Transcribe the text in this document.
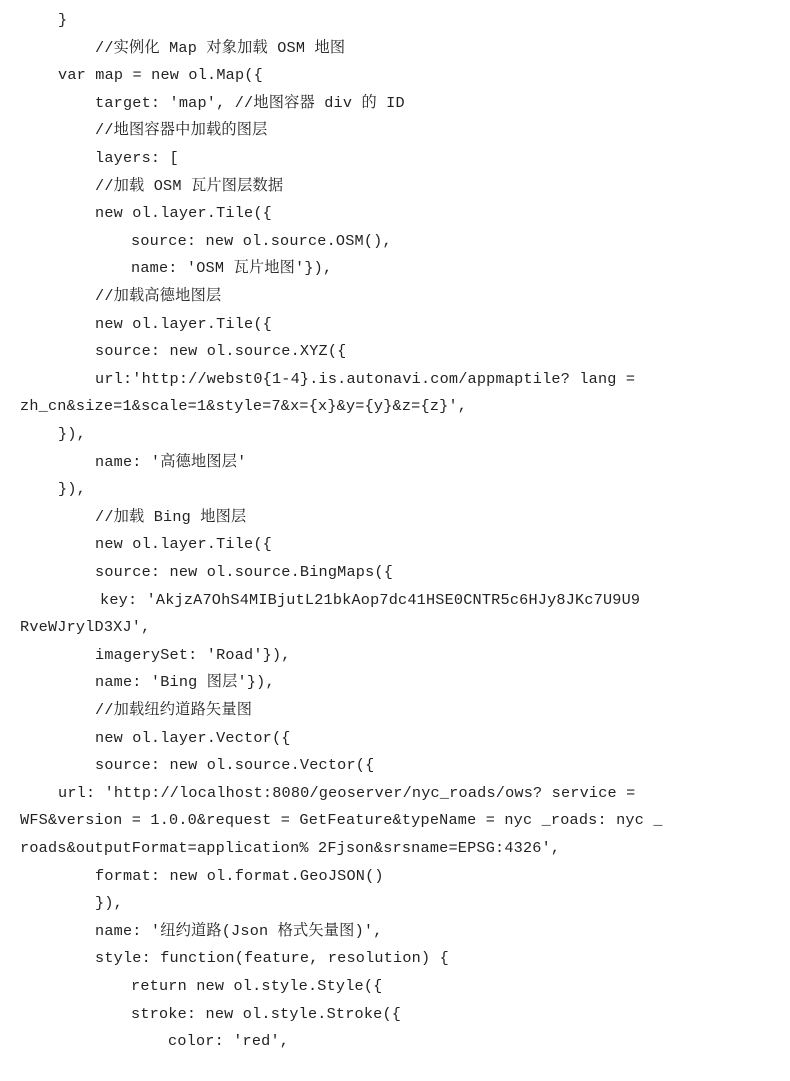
}
//实例化 Map 对象加载 OSM 地图
var map = new ol.Map({
target: 'map', //地图容器 div 的 ID
//地图容器中加载的图层
layers: [
//加载 OSM 瓦片图层数据
new ol.layer.Tile({
source: new ol.source.OSM(),
name: 'OSM 瓦片地图'}),
//加载高德地图层
new ol.layer.Tile({
source: new ol.source.XYZ({
url:'http://webst0{1-4}.is.autonavi.com/appmaptile? lang =
zh_cn&size=1&scale=1&style=7&x={x}&y={y}&z={z}',
}),
name: '高德地图层'
}),
//加载 Bing 地图层
new ol.layer.Tile({
source: new ol.source.BingMaps({
key: 'AkjzA7OhS4MIBjutL21bkAop7dc41HSE0CNTR5c6HJy8JKc7U9U9
RveWJrylD3XJ',
imagerySet: 'Road'}),
name: 'Bing 图层'}),
//加载纽约道路矢量图
new ol.layer.Vector({
source: new ol.source.Vector({
url: 'http://localhost:8080/geoserver/nyc_roads/ows? service =
WFS&version = 1.0.0&request = GetFeature&typeName = nyc _roads: nyc _
roads&outputFormat=application% 2Fjson&srsname=EPSG:4326',
format: new ol.format.GeoJSON()
}),
name: '纽约道路(Json 格式矢量图)',
style: function(feature, resolution) {
return new ol.style.Style({
stroke: new ol.style.Stroke({
color: 'red',
